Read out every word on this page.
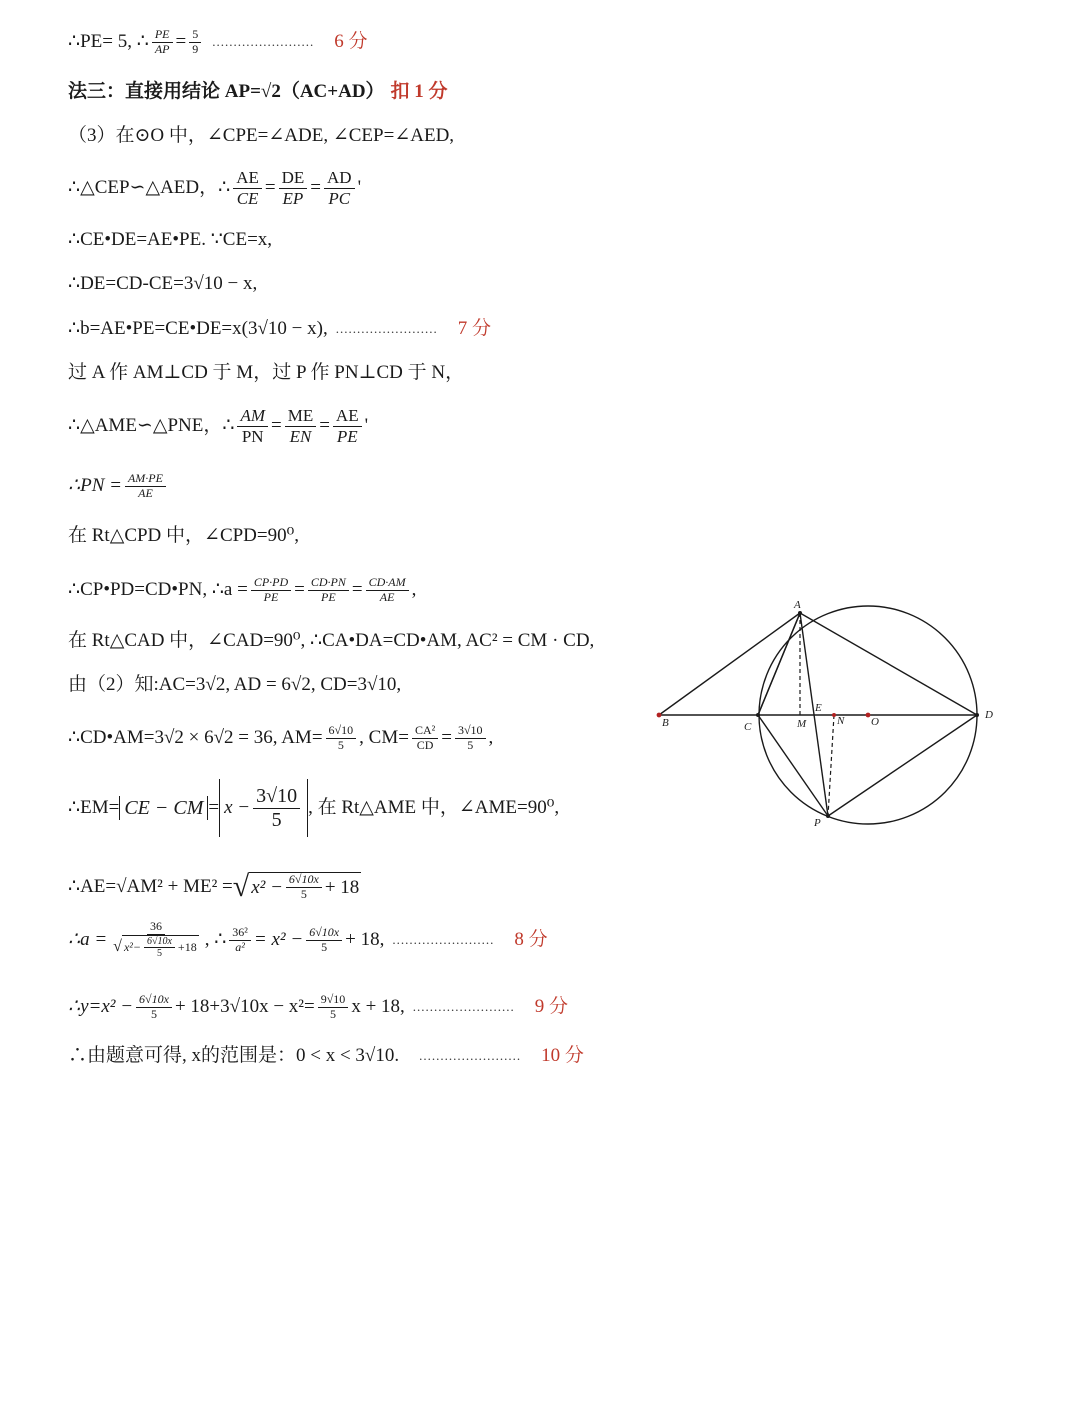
∴PE= 5, ∴ $\frac{PE}{AP} = \frac{5}{9}$ ........................ 6 分
法三：直接用结论 AP=√2（AC+AD） 扣 1 分
（3）在⊙O 中，∠CPE=∠ADE, ∠CEP=∠AED,
∴△CEP∽△AED，∴ $\frac{AE}{CE} = \frac{DE}{EP} = \frac{AD}{PC}$ '
∴CE•DE=AE•PE. ∵CE=x,
∴DE=CD-CE=3√10 − x,
∴b=AE•PE=CE•DE=x(3√10 − x), ........................ 7 分
过 A 作 AM⊥CD 于 M，过 P 作 PN⊥CD 于 N，
∴△AME∽△PNE，∴ $\frac{AM}{PN} = \frac{ME}{EN} = \frac{AE}{PE}$ '
∴PN = $\frac{AM\cdot PE}{AE}$
在 Rt△CPD 中，∠CPD=90⁰,
∴CP•PD=CD•PN, ∴a = $\frac{CP\cdot PD}{PE} = \frac{CD\cdot PN}{PE} = \frac{CD\cdot AM}{AE}$ ,
在 Rt△CAD 中，∠CAD=90⁰, ∴CA•DA=CD•AM, AC² = CM · CD,
由（2）知:AC=3√2, AD = 6√2, CD=3√10,
∴CD•AM=3√2 × 6√2 = 36, $AM= \frac{6√10}{5}$ , $CM= \frac{\text{CA²}}{CD} = \frac{3√10}{5}$ ,
∴EM= CE − CM = $x - \frac{3√10}{5}$ , 在 Rt△AME 中，∠AME=90⁰,
∴AE=√AM² + ME² = √ $x^2 - \frac{6√10x}{5} + 18$
∴a = $\frac{36}{√ x^2- \frac{6√10x}{5} +18}$ , ∴ $\frac{\text{36²}}{\text{a²}} = x^2 - \frac{6√10x}{5} + 18$, ........................ 8 分
∴y=x² − $\frac{6√10x}{5} + 18+3√10x - x^2= \frac{9√10}{5}$ x + 18, ........................ 9 分
∴由题意可得, x的范围是：0 < x < 3√10. ........................ 10 分
A
B	C	M
E
N O
D
P
